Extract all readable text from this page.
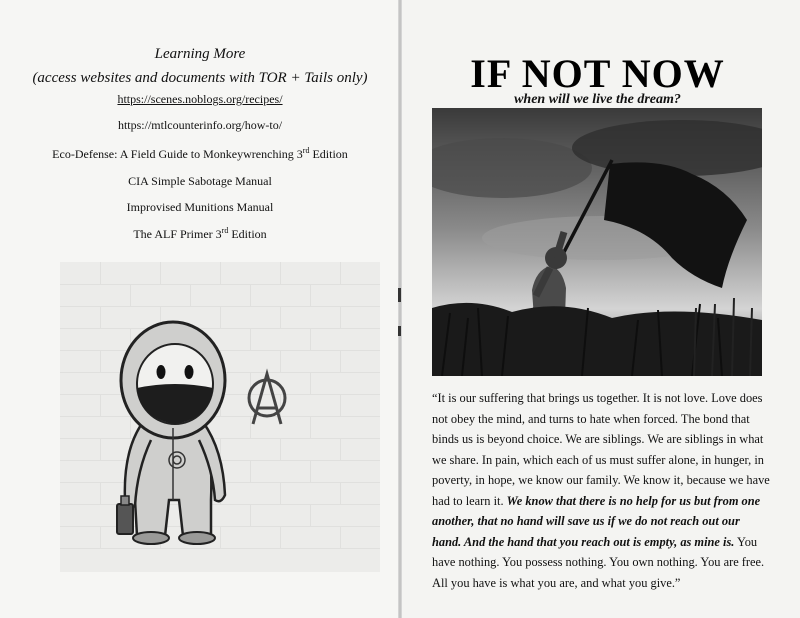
Learning More
(access websites and documents with TOR + Tails only)
https://scenes.noblogs.org/recipes/
https://mtlcounterinfo.org/how-to/
Eco-Defense: A Field Guide to Monkeywrenching 3rd Edition
CIA Simple Sabotage Manual
Improvised Munitions Manual
The ALF Primer 3rd Edition
IF NOT NOW
when will we live the dream?
“It is our suffering that brings us together. It is not love. Love does not obey the mind, and turns to hate when forced. The bond that binds us is beyond choice. We are siblings. We are siblings in what we share. In pain, which each of us must suffer alone, in hunger, in poverty, in hope, we know our family. We know it, because we have had to learn it. We know that there is no help for us but from one another, that no hand will save us if we do not reach out our hand. And the hand that you reach out is empty, as mine is. You have nothing. You possess nothing. You own nothing. You are free. All you have is what you are, and what you give.”
